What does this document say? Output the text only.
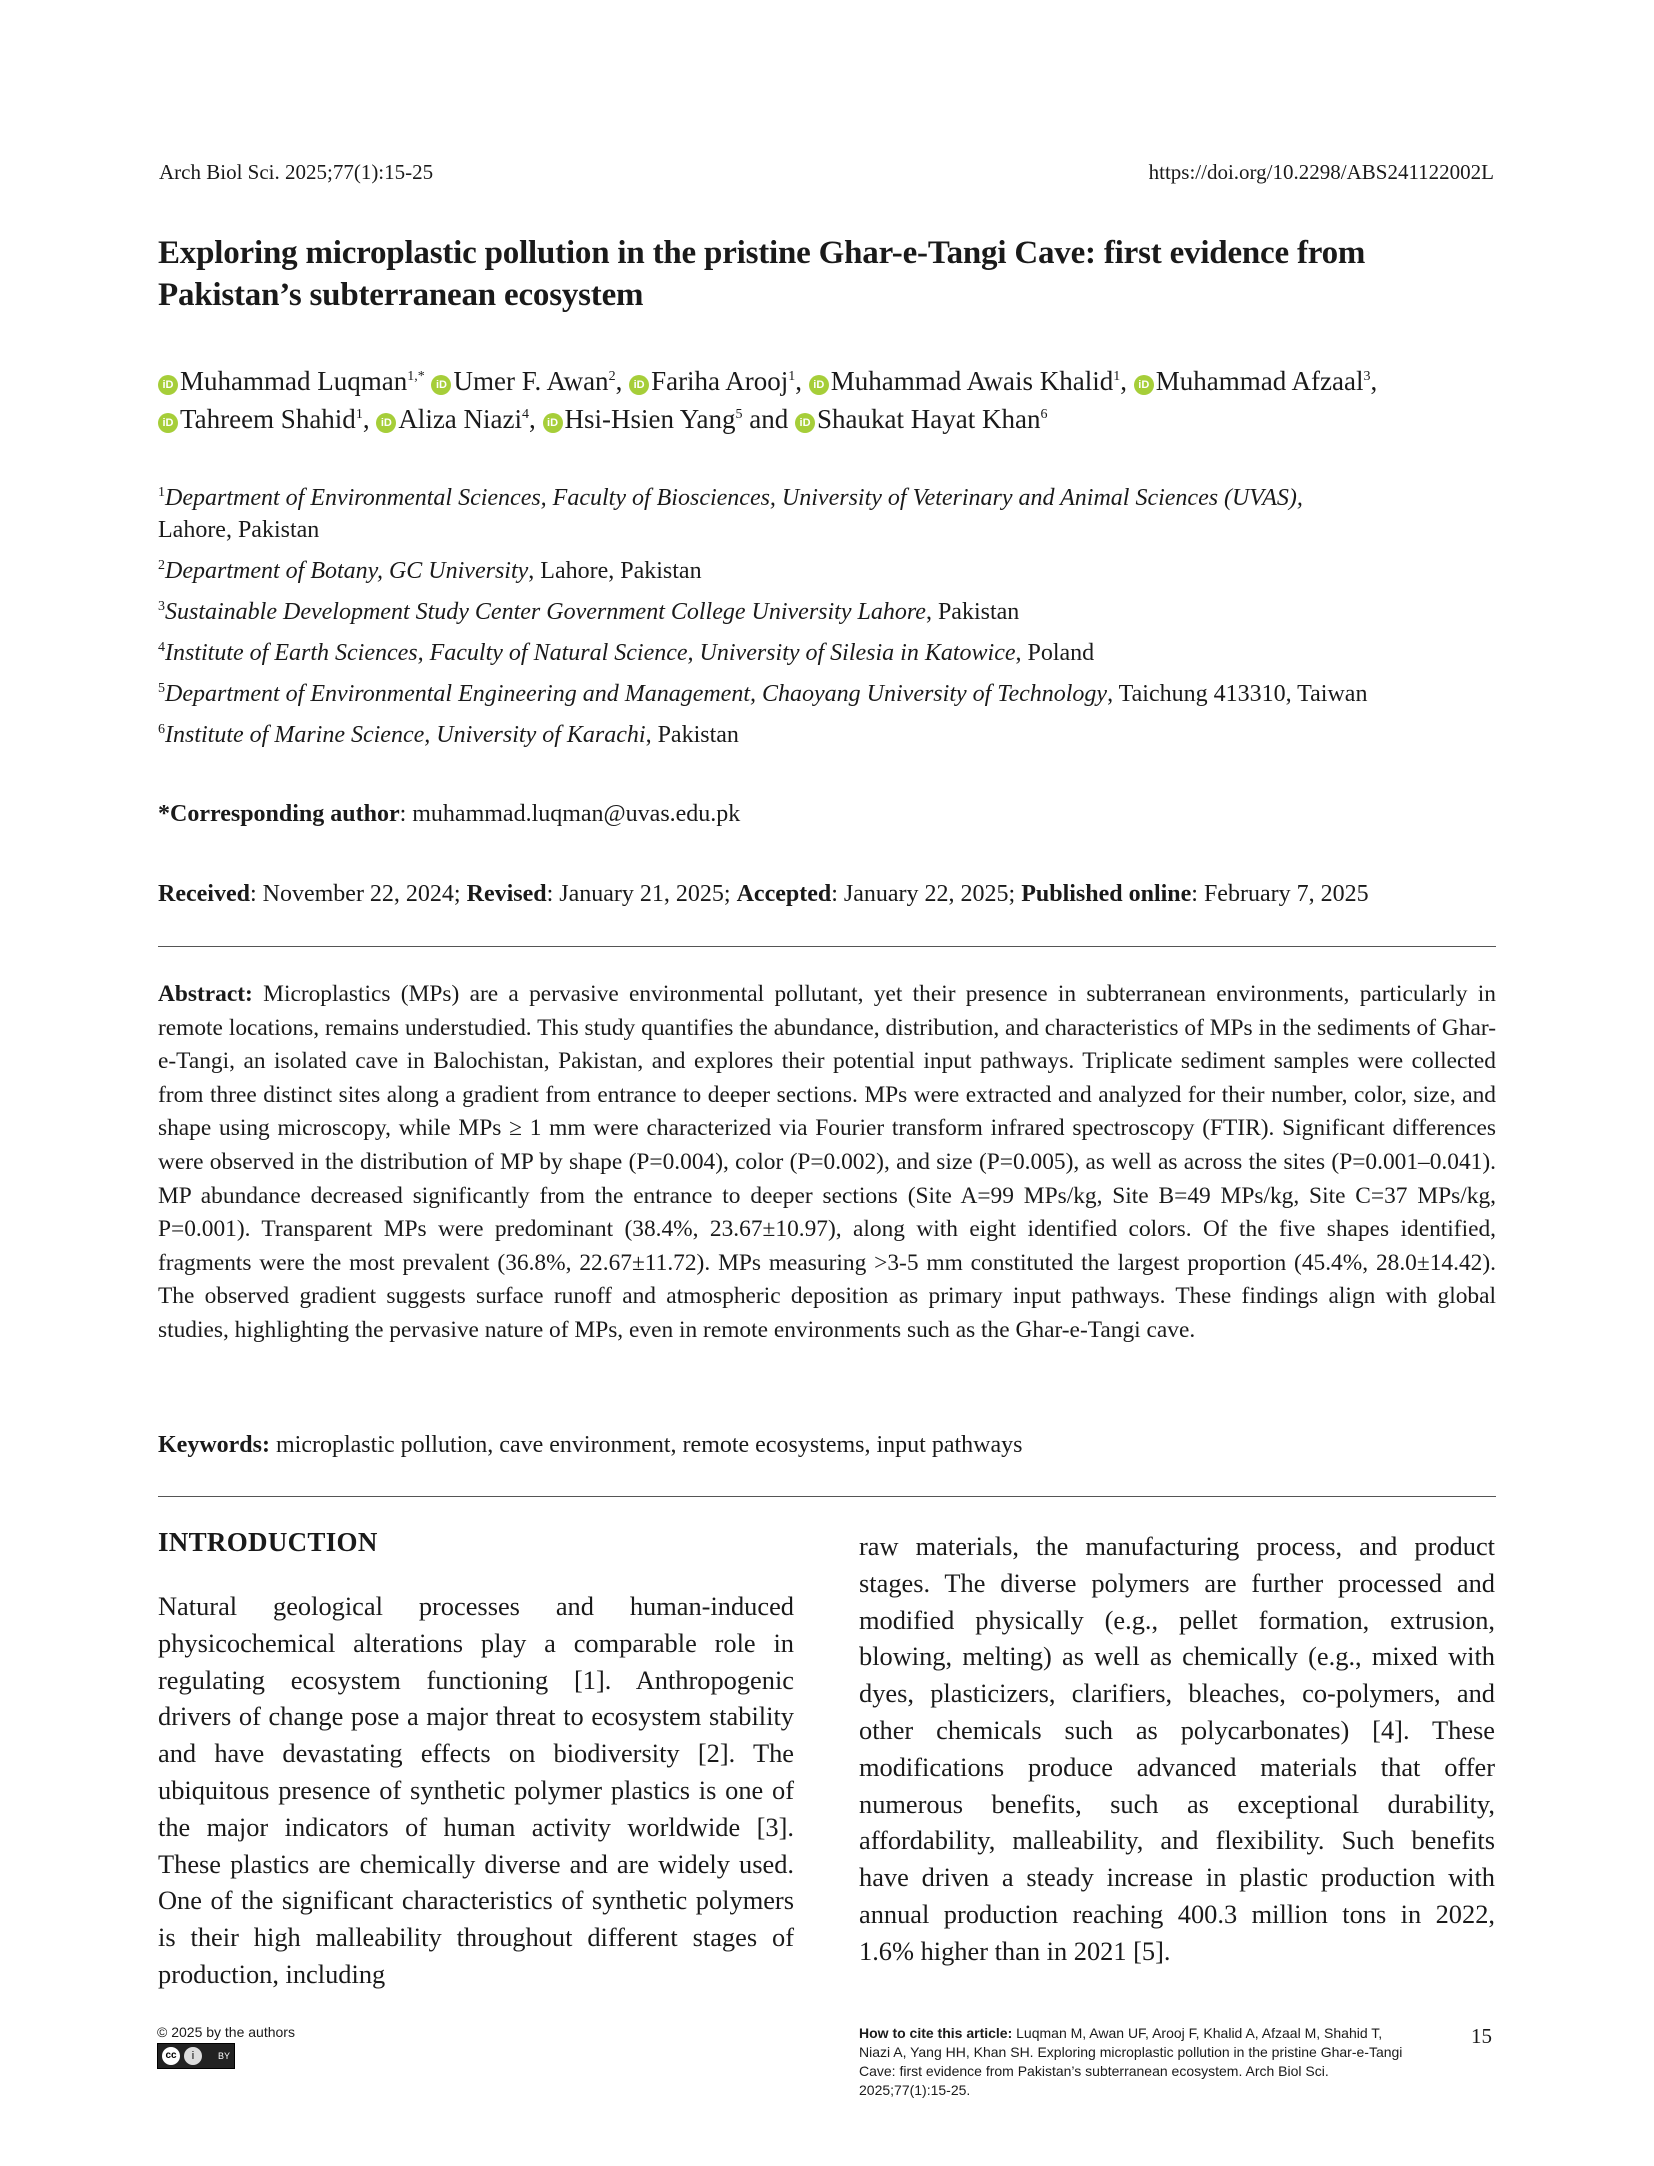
Arch Biol Sci. 2025;77(1):15-25	https://doi.org/10.2298/ABS241122002L
Exploring microplastic pollution in the pristine Ghar-e-Tangi Cave: first evidence from Pakistan’s subterranean ecosystem
iD Muhammad Luqman$^{1,*}$ iD Umer F. Awan$^2$, iD Fariha Arooj$^1$, iD Muhammad Awais Khalid$^1$, iD Muhammad Afzaal$^3$,
iD Tahreem Shahid$^1$, iD Aliza Niazi$^4$, iD Hsi-Hsien Yang$^5$ and iD Shaukat Hayat Khan$^6$
$^1$Department of Environmental Sciences, Faculty of Biosciences, University of Veterinary and Animal Sciences (UVAS),
Lahore, Pakistan
$^2$Department of Botany, GC University, Lahore, Pakistan
$^3$Sustainable Development Study Center Government College University Lahore, Pakistan
$^4$Institute of Earth Sciences, Faculty of Natural Science, University of Silesia in Katowice, Poland
$^5$Department of Environmental Engineering and Management, Chaoyang University of Technology, Taichung 413310, Taiwan
$^6$Institute of Marine Science, University of Karachi, Pakistan
*Corresponding author: muhammad.luqman@uvas.edu.pk
Received: November 22, 2024; Revised: January 21, 2025; Accepted: January 22, 2025; Published online: February 7, 2025
Abstract: Microplastics (MPs) are a pervasive environmental pollutant, yet their presence in subterranean environments, particularly in remote locations, remains understudied. This study quantifies the abundance, distribution, and characteristics of MPs in the sediments of Ghar-e-Tangi, an isolated cave in Balochistan, Pakistan, and explores their potential input pathways. Triplicate sediment samples were collected from three distinct sites along a gradient from entrance to deeper sections. MPs were extracted and analyzed for their number, color, size, and shape using microscopy, while MPs ≥ 1 mm were characterized via Fourier transform infrared spectroscopy (FTIR). Significant differences were observed in the distribution of MP by shape (P=0.004), color (P=0.002), and size (P=0.005), as well as across the sites (P=0.001–0.041). MP abundance decreased significantly from the entrance to deeper sections (Site A=99 MPs/kg, Site B=49 MPs/kg, Site C=37 MPs/kg, P=0.001). Transparent MPs were predominant (38.4%, 23.67±10.97), along with eight identified colors. Of the five shapes identified, fragments were the most prevalent (36.8%, 22.67±11.72). MPs measuring >3-5 mm constituted the largest proportion (45.4%, 28.0±14.42). The observed gradient suggests surface runoff and atmospheric deposition as primary input pathways. These findings align with global studies, highlighting the pervasive nature of MPs, even in remote environments such as the Ghar-e-Tangi cave.
Keywords: microplastic pollution, cave environment, remote ecosystems, input pathways
INTRODUCTION
Natural geological processes and human-induced physicochemical alterations play a comparable role in regulating ecosystem functioning [1]. Anthropogenic drivers of change pose a major threat to ecosystem stability and have devastating effects on biodiversity [2]. The ubiquitous presence of synthetic polymer plastics is one of the major indicators of human activity worldwide [3]. These plastics are chemically diverse and are widely used. One of the significant characteristics of synthetic polymers is their high malleability throughout different stages of production, including
raw materials, the manufacturing process, and product stages. The diverse polymers are further processed and modified physically (e.g., pellet formation, extrusion, blowing, melting) as well as chemically (e.g., mixed with dyes, plasticizers, clarifiers, bleaches, co-polymers, and other chemicals such as polycarbonates) [4]. These modifications produce advanced materials that offer numerous benefits, such as exceptional durability, affordability, malleability, and flexibility. Such benefits have driven a steady increase in plastic production with annual production reaching 400.3 million tons in 2022, 1.6% higher than in 2021 [5].
© 2025 by the authors
cc	i	BY
How to cite this article: Luqman M, Awan UF, Arooj F, Khalid A, Afzaal M, Shahid T, Niazi A, Yang HH, Khan SH. Exploring microplastic pollution in the pristine Ghar-e-Tangi Cave: first evidence from Pakistan’s subterranean ecosystem. Arch Biol Sci. 2025;77(1):15-25.
15
